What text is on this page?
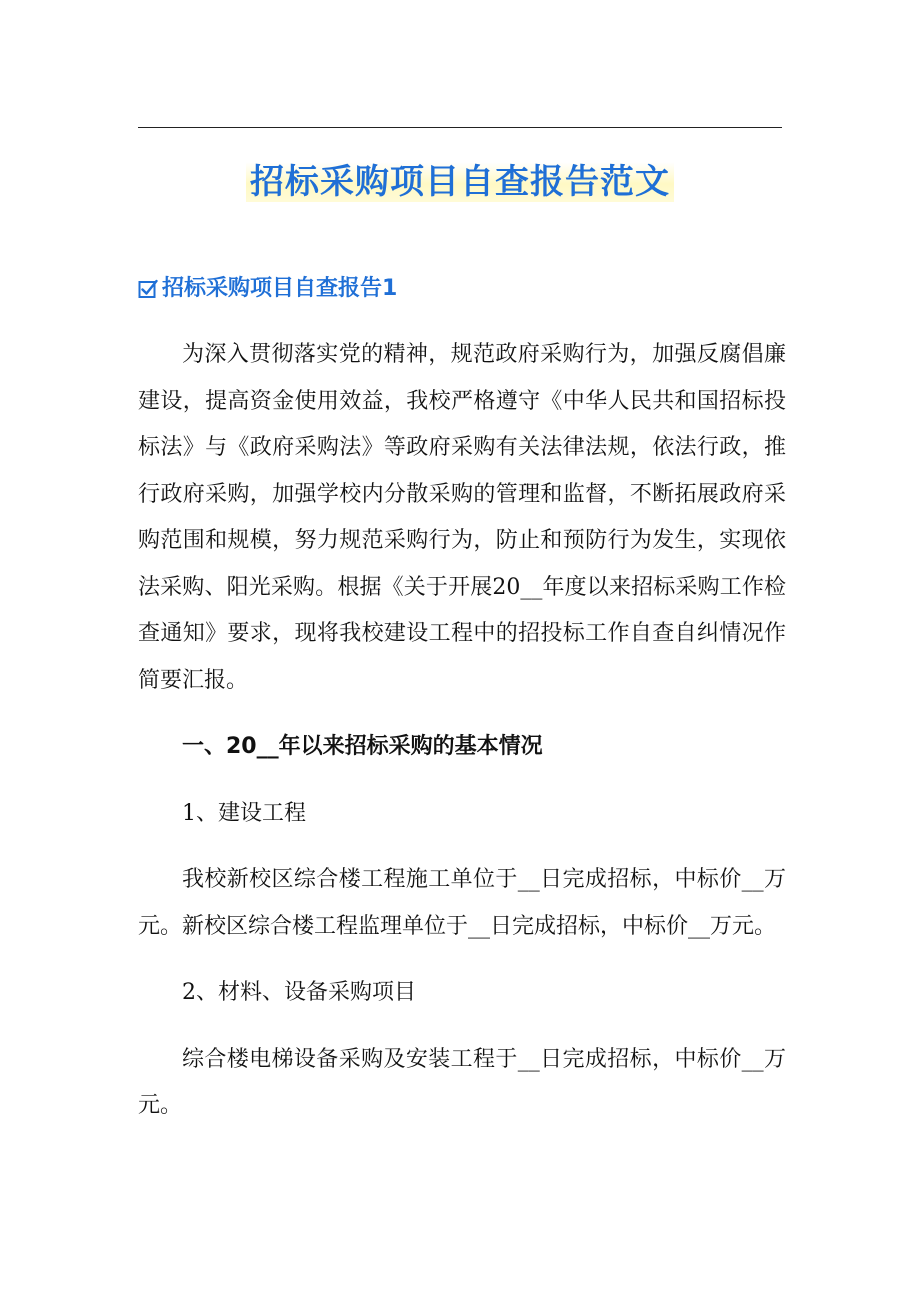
招标采购项目自查报告范文
招标采购项目自查报告1

为深入贯彻落实党的精神，规范政府采购行为，加强反腐倡廉建设，提高资金使用效益，我校严格遵守《中华人民共和国招标投标法》与《政府采购法》等政府采购有关法律法规，依法行政，推行政府采购，加强学校内分散采购的管理和监督，不断拓展政府采购范围和规模，努力规范采购行为，防止和预防行为发生，实现依法采购、阳光采购。根据《关于开展20__年度以来招标采购工作检查通知》要求，现将我校建设工程中的招投标工作自查自纠情况作简要汇报。

一、20__年以来招标采购的基本情况

1、建设工程

我校新校区综合楼工程施工单位于__日完成招标，中标价__万元。新校区综合楼工程监理单位于__日完成招标，中标价__万元。

2、材料、设备采购项目

综合楼电梯设备采购及安装工程于__日完成招标，中标价__万元。
